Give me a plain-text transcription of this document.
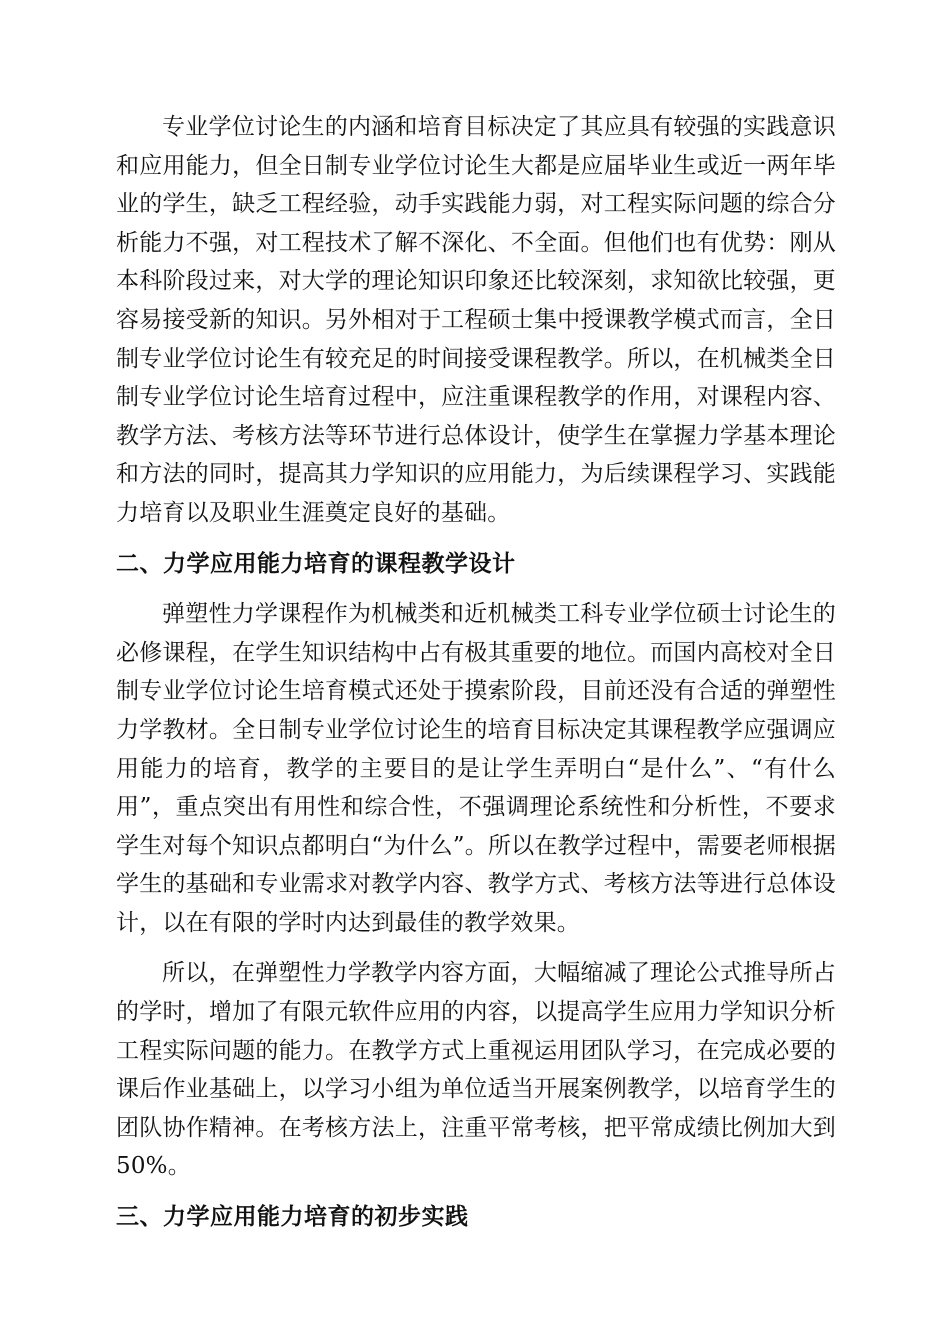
专业学位讨论生的内涵和培育目标决定了其应具有较强的实践意识和应用能力，但全日制专业学位讨论生大都是应届毕业生或近一两年毕业的学生，缺乏工程经验，动手实践能力弱，对工程实际问题的综合分析能力不强，对工程技术了解不深化、不全面。但他们也有优势：刚从本科阶段过来，对大学的理论知识印象还比较深刻，求知欲比较强，更容易接受新的知识。另外相对于工程硕士集中授课教学模式而言，全日制专业学位讨论生有较充足的时间接受课程教学。所以，在机械类全日制专业学位讨论生培育过程中，应注重课程教学的作用，对课程内容、教学方法、考核方法等环节进行总体设计，使学生在掌握力学基本理论和方法的同时，提高其力学知识的应用能力，为后续课程学习、实践能力培育以及职业生涯奠定良好的基础。

二、力学应用能力培育的课程教学设计

弹塑性力学课程作为机械类和近机械类工科专业学位硕士讨论生的必修课程，在学生知识结构中占有极其重要的地位。而国内高校对全日制专业学位讨论生培育模式还处于摸索阶段，目前还没有合适的弹塑性力学教材。全日制专业学位讨论生的培育目标决定其课程教学应强调应用能力的培育，教学的主要目的是让学生弄明白“是什么”、“有什么用”，重点突出有用性和综合性，不强调理论系统性和分析性，不要求学生对每个知识点都明白“为什么”。所以在教学过程中，需要老师根据学生的基础和专业需求对教学内容、教学方式、考核方法等进行总体设计，以在有限的学时内达到最佳的教学效果。

所以，在弹塑性力学教学内容方面，大幅缩减了理论公式推导所占的学时，增加了有限元软件应用的内容，以提高学生应用力学知识分析工程实际问题的能力。在教学方式上重视运用团队学习，在完成必要的课后作业基础上，以学习小组为单位适当开展案例教学，以培育学生的团队协作精神。在考核方法上，注重平常考核，把平常成绩比例加大到50%。

三、力学应用能力培育的初步实践
